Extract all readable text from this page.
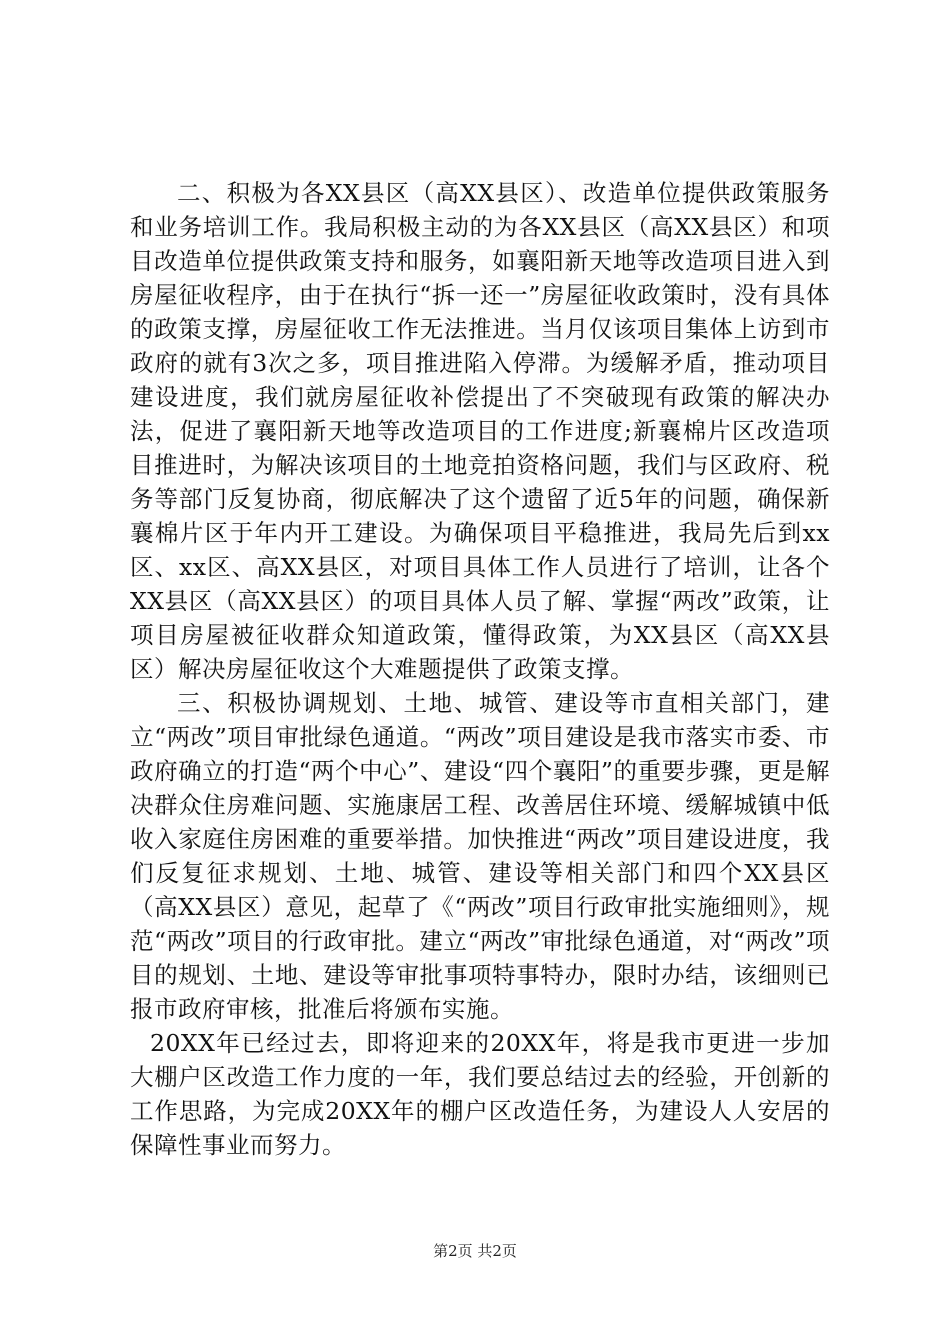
二、积极为各XX县区（高XX县区）、改造单位提供政策服务和业务培训工作。我局积极主动的为各XX县区（高XX县区）和项目改造单位提供政策支持和服务，如襄阳新天地等改造项目进入到房屋征收程序，由于在执行“拆一还一”房屋征收政策时，没有具体的政策支撑，房屋征收工作无法推进。当月仅该项目集体上访到市政府的就有3次之多，项目推进陷入停滞。为缓解矛盾，推动项目建设进度，我们就房屋征收补偿提出了不突破现有政策的解决办法，促进了襄阳新天地等改造项目的工作进度;新襄棉片区改造项目推进时，为解决该项目的土地竞拍资格问题，我们与区政府、税务等部门反复协商，彻底解决了这个遗留了近5年的问题，确保新襄棉片区于年内开工建设。为确保项目平稳推进，我局先后到xx区、xx区、高XX县区，对项目具体工作人员进行了培训，让各个XX县区（高XX县区）的项目具体人员了解、掌握“两改”政策，让项目房屋被征收群众知道政策，懂得政策，为XX县区（高XX县区）解决房屋征收这个大难题提供了政策支撑。

三、积极协调规划、土地、城管、建设等市直相关部门，建立“两改”项目审批绿色通道。“两改”项目建设是我市落实市委、市政府确立的打造“两个中心”、建设“四个襄阳”的重要步骤，更是解决群众住房难问题、实施康居工程、改善居住环境、缓解城镇中低收入家庭住房困难的重要举措。加快推进“两改”项目建设进度，我们反复征求规划、土地、城管、建设等相关部门和四个XX县区（高XX县区）意见，起草了《“两改”项目行政审批实施细则》，规范“两改”项目的行政审批。建立“两改”审批绿色通道，对“两改”项目的规划、土地、建设等审批事项特事特办，限时办结，该细则已报市政府审核，批准后将颁布实施。

20XX年已经过去，即将迎来的20XX年，将是我市更进一步加大棚户区改造工作力度的一年，我们要总结过去的经验，开创新的工作思路，为完成20XX年的棚户区改造任务，为建设人人安居的保障性事业而努力。

第2页 共2页
